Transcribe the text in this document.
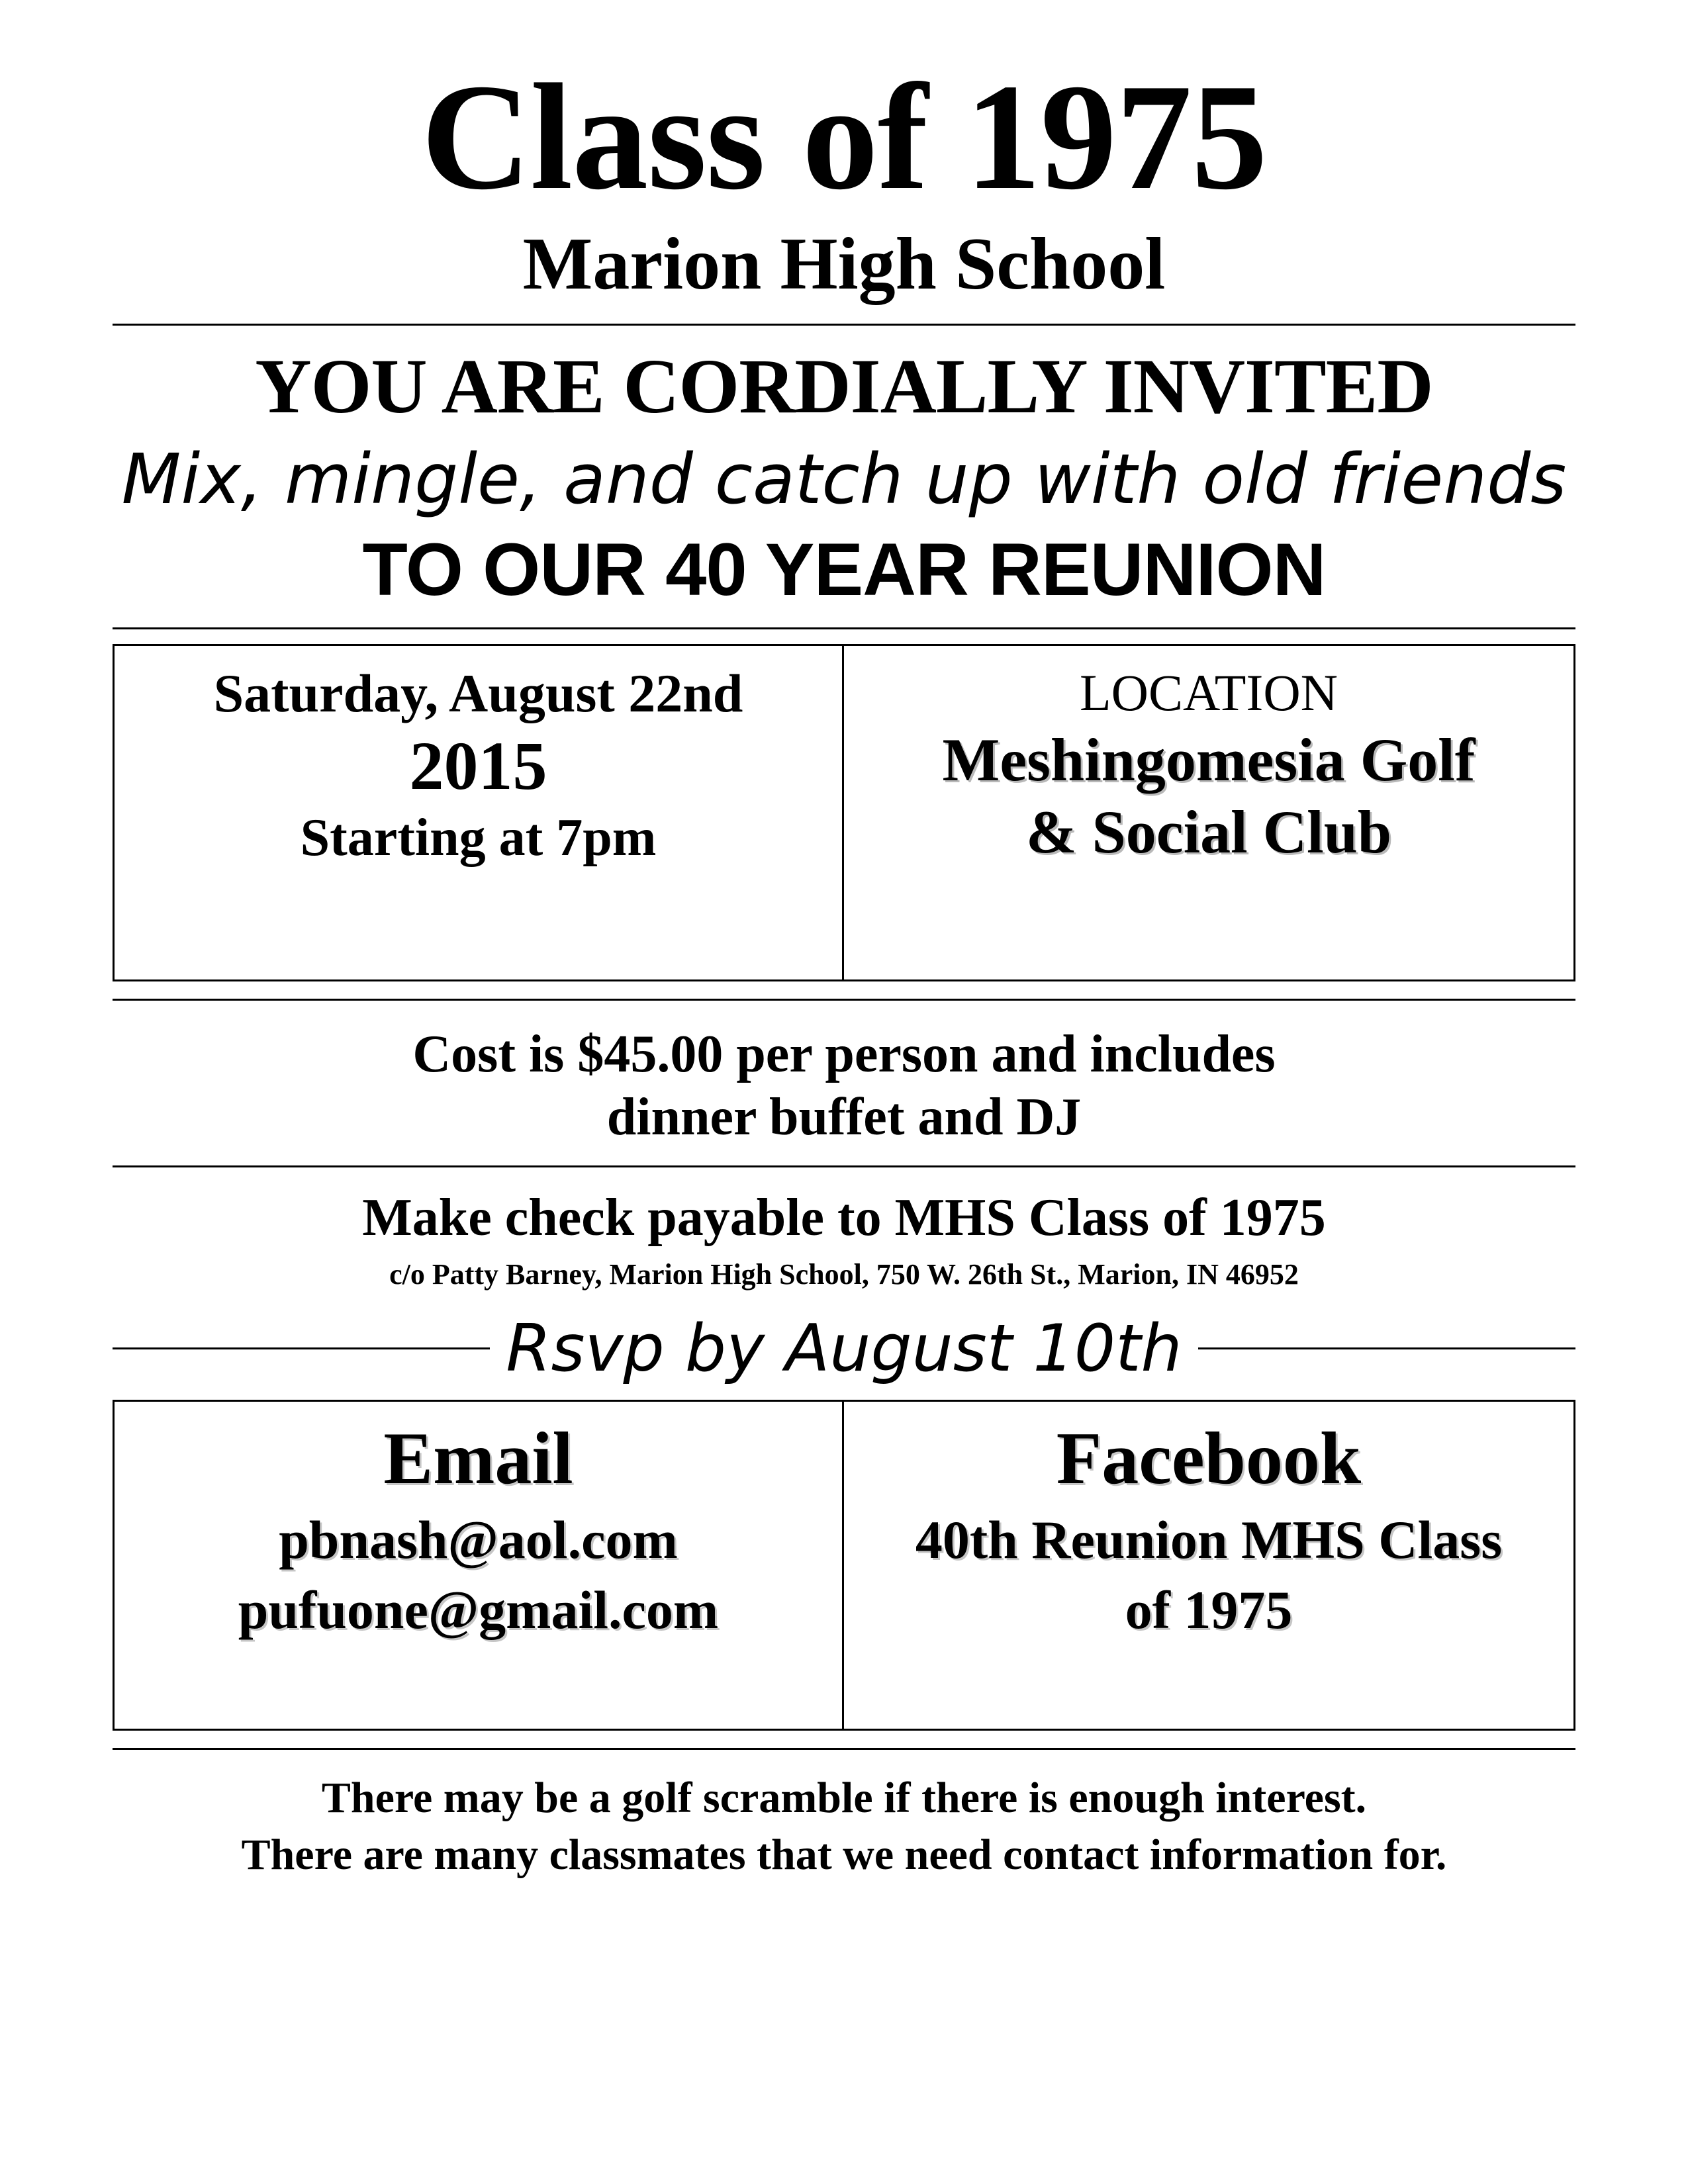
Class of 1975
Marion High School
YOU ARE CORDIALLY INVITED
Mix, mingle, and catch up with old friends
TO OUR 40 YEAR REUNION
Saturday, August 22nd
2015
Starting at 7pm
LOCATION
Meshingomesia Golf
& Social Club
Cost is $45.00 per person and includes
dinner buffet and DJ
Make check payable to MHS Class of 1975
c/o Patty Barney, Marion High School, 750 W. 26th St., Marion, IN 46952
Rsvp by August 10th
Email
pbnash@aol.com
pufuone@gmail.com
Facebook
40th Reunion MHS Class
of 1975
There may be a golf scramble if there is enough interest.
There are many classmates that we need contact information for.
